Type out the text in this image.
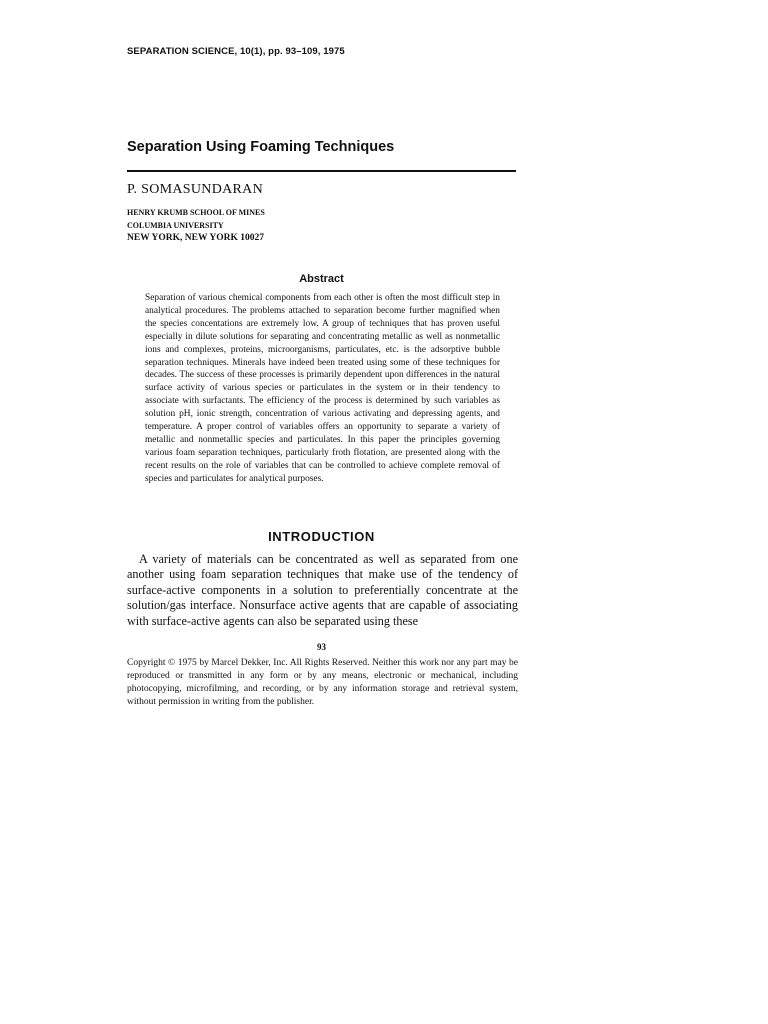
SEPARATION SCIENCE, 10(1), pp. 93–109, 1975
Separation Using Foaming Techniques
P. SOMASUNDARAN
HENRY KRUMB SCHOOL OF MINES
COLUMBIA UNIVERSITY
NEW YORK, NEW YORK 10027
Abstract
Separation of various chemical components from each other is often the most difficult step in analytical procedures. The problems attached to separation become further magnified when the species concentations are extremely low. A group of techniques that has proven useful especially in dilute solutions for separating and concentrating metallic as well as nonmetallic ions and complexes, proteins, microorganisms, particulates, etc. is the adsorptive bubble separation techniques. Minerals have indeed been treated using some of these techniques for decades. The success of these processes is primarily dependent upon differences in the natural surface activity of various species or particulates in the system or in their tendency to associate with surfactants. The efficiency of the process is determined by such variables as solution pH, ionic strength, concentration of various activating and depressing agents, and temperature. A proper control of variables offers an opportunity to separate a variety of metallic and nonmetallic species and particulates. In this paper the principles governing various foam separation techniques, particularly froth flotation, are presented along with the recent results on the role of variables that can be controlled to achieve complete removal of species and particulates for analytical purposes.
INTRODUCTION
A variety of materials can be concentrated as well as separated from one another using foam separation techniques that make use of the tendency of surface-active components in a solution to preferentially concentrate at the solution/gas interface. Nonsurface active agents that are capable of associating with surface-active agents can also be separated using these
93
Copyright © 1975 by Marcel Dekker, Inc. All Rights Reserved. Neither this work nor any part may be reproduced or transmitted in any form or by any means, electronic or mechanical, including photocopying, microfilming, and recording, or by any information storage and retrieval system, without permission in writing from the publisher.
